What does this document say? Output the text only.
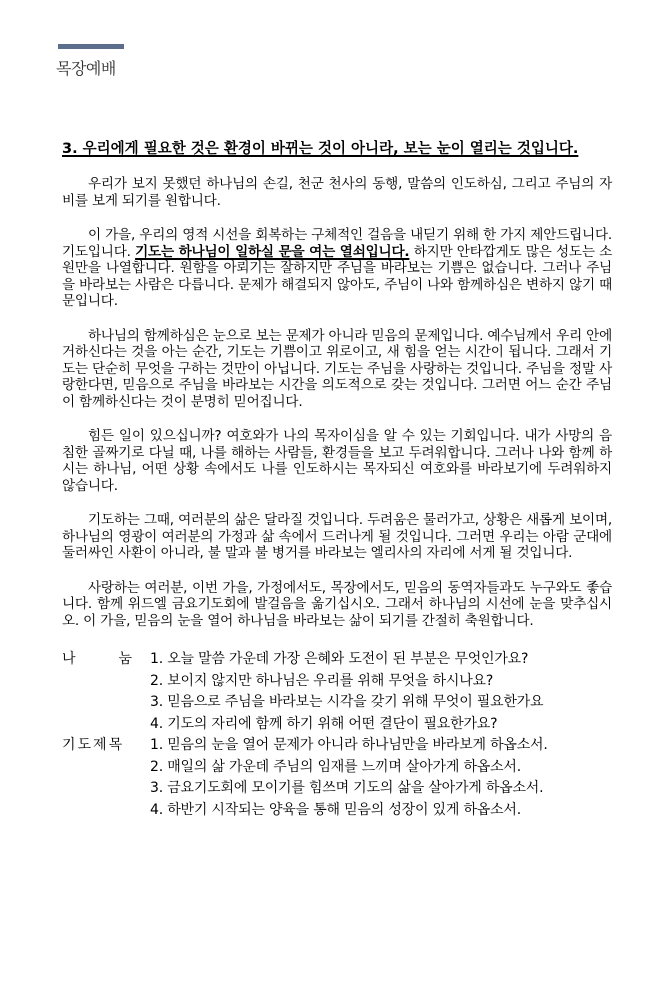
목장예배

3. 우리에게 필요한 것은 환경이 바뀌는 것이 아니라, 보는 눈이 열리는 것입니다.

우리가 보지 못했던 하나님의 손길, 천군 천사의 동행, 말씀의 인도하심, 그리고 주님의 자비를 보게 되기를 원합니다.

이 가을, 우리의 영적 시선을 회복하는 구체적인 걸음을 내딛기 위해 한 가지 제안드립니다. 기도입니다. 기도는 하나님이 일하실 문을 여는 열쇠입니다. 하지만 안타깝게도 많은 성도는 소원만을 나열합니다. 원함을 아뢰기는 잘하지만 주님을 바라보는 기쁨은 없습니다. 그러나 주님을 바라보는 사람은 다릅니다. 문제가 해결되지 않아도, 주님이 나와 함께하심은 변하지 않기 때문입니다.

하나님의 함께하심은 눈으로 보는 문제가 아니라 믿음의 문제입니다. 예수님께서 우리 안에 거하신다는 것을 아는 순간, 기도는 기쁨이고 위로이고, 새 힘을 얻는 시간이 됩니다. 그래서 기도는 단순히 무엇을 구하는 것만이 아닙니다. 기도는 주님을 사랑하는 것입니다. 주님을 정말 사랑한다면, 믿음으로 주님을 바라보는 시간을 의도적으로 갖는 것입니다. 그러면 어느 순간 주님이 함께하신다는 것이 분명히 믿어집니다.

힘든 일이 있으십니까? 여호와가 나의 목자이심을 알 수 있는 기회입니다. 내가 사망의 음침한 골짜기로 다닐 때, 나를 해하는 사람들, 환경들을 보고 두려워합니다. 그러나 나와 함께 하시는 하나님, 어떤 상황 속에서도 나를 인도하시는 목자되신 여호와를 바라보기에 두려워하지 않습니다.

기도하는 그때, 여러분의 삶은 달라질 것입니다. 두려움은 물러가고, 상황은 새롭게 보이며, 하나님의 영광이 여러분의 가정과 삶 속에서 드러나게 될 것입니다. 그러면 우리는 아람 군대에 둘러싸인 사환이 아니라, 불 말과 불 병거를 바라보는 엘리사의 자리에 서게 될 것입니다.

사랑하는 여러분, 이번 가을, 가정에서도, 목장에서도, 믿음의 동역자들과도 누구와도 좋습니다. 함께 위드엘 금요기도회에 발걸음을 옮기십시오. 그래서 하나님의 시선에 눈을 맞추십시오. 이 가을, 믿음의 눈을 열어 하나님을 바라보는 삶이 되기를 간절히 축원합니다.

나	눔 1. 오늘 말씀 가운데 가장 은혜와 도전이 된 부분은 무엇인가요?
2. 보이지 않지만 하나님은 우리를 위해 무엇을 하시나요?
3. 믿음으로 주님을 바라보는 시각을 갖기 위해 무엇이 필요한가요
4. 기도의 자리에 함께 하기 위해 어떤 결단이 필요한가요?
기도제목	1. 믿음의 눈을 열어 문제가 아니라 하나님만을 바라보게 하옵소서.
2. 매일의 삶 가운데 주님의 임재를 느끼며 살아가게 하옵소서.
3. 금요기도회에 모이기를 힘쓰며 기도의 삶을 살아가게 하옵소서.
4. 하반기 시작되는 양육을 통해 믿음의 성장이 있게 하옵소서.
